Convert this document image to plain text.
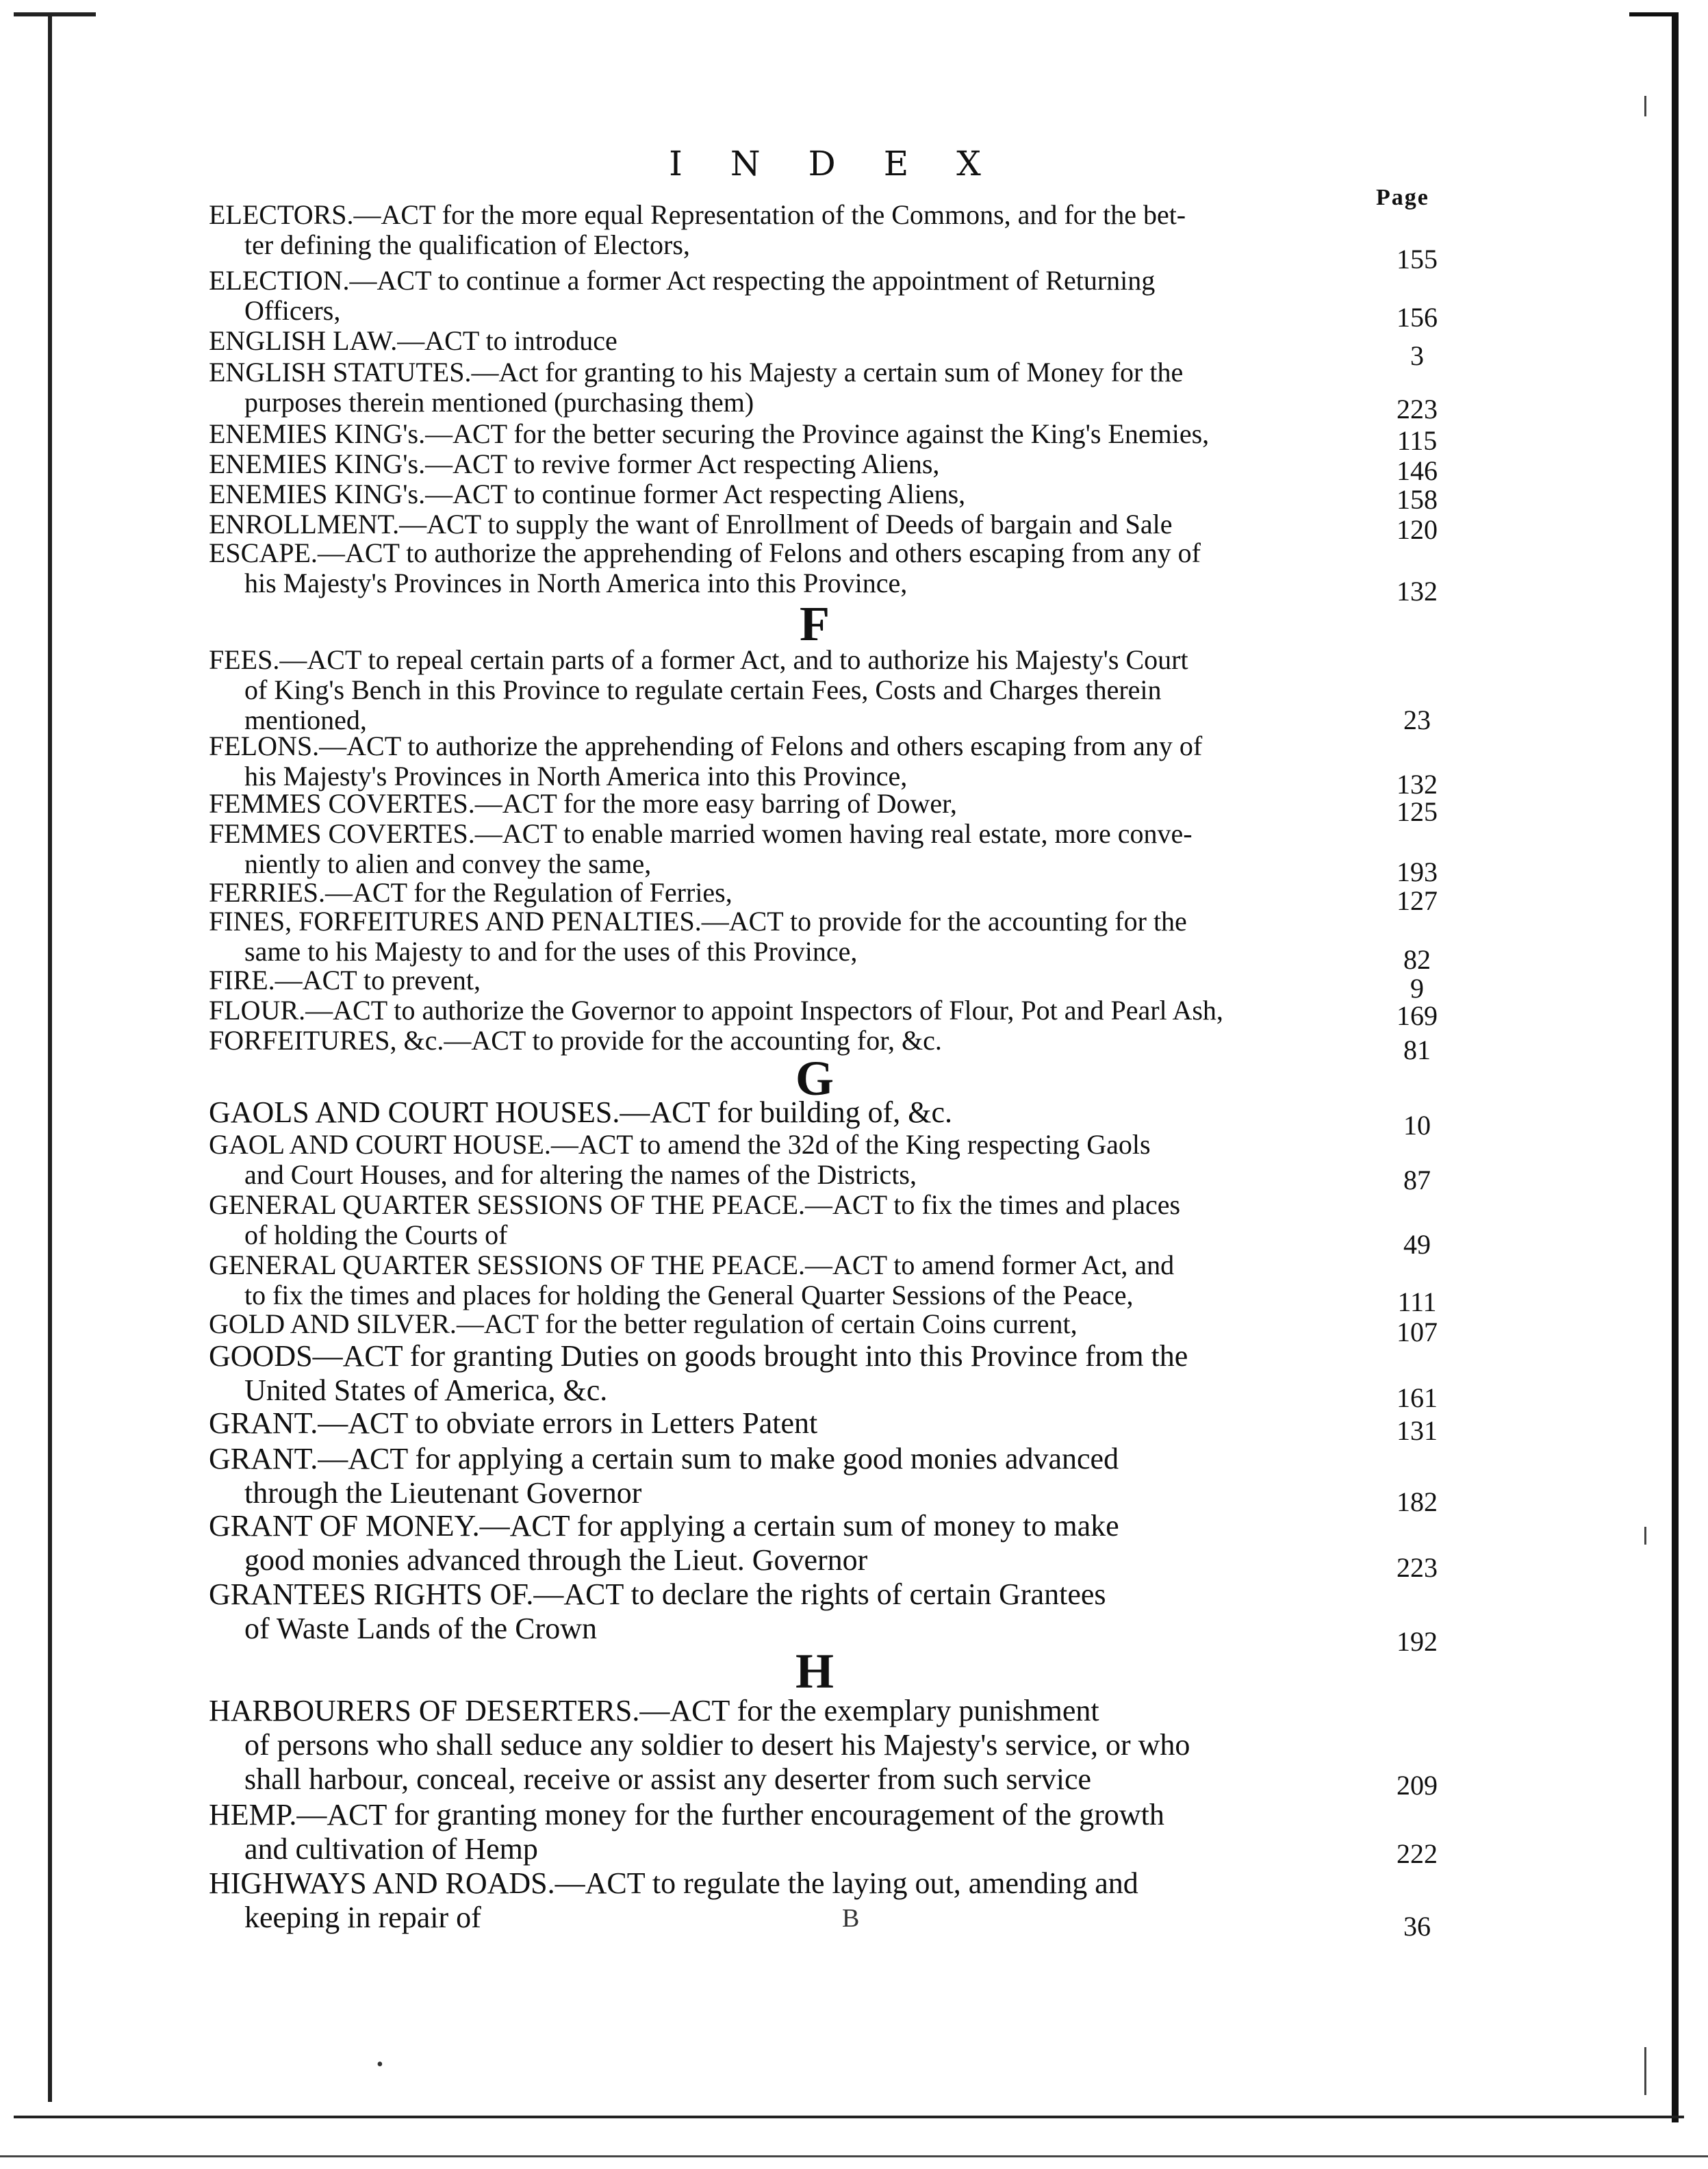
INDEX
Page
ELECTORS.—ACT for the more equal Representation of the Commons, and for the bet-
ter defining the qualification of Electors,	155
ELECTION.—ACT to continue a former Act respecting the appointment of Returning
Officers,	156
ENGLISH LAW.—ACT to introduce	3
ENGLISH STATUTES.—Act for granting to his Majesty a certain sum of Money for the
purposes therein mentioned (purchasing them)	223
ENEMIES KING's.—ACT for the better securing the Province against the King's Enemies,	115
ENEMIES KING's.—ACT to revive former Act respecting Aliens,	146
ENEMIES KING's.—ACT to continue former Act respecting Aliens,	158
ENROLLMENT.—ACT to supply the want of Enrollment of Deeds of bargain and Sale	120
ESCAPE.—ACT to authorize the apprehending of Felons and others escaping from any of
his Majesty's Provinces in North America into this Province,	132
F
FEES.—ACT to repeal certain parts of a former Act, and to authorize his Majesty's Court
of King's Bench in this Province to regulate certain Fees, Costs and Charges therein
mentioned,	23
FELONS.—ACT to authorize the apprehending of Felons and others escaping from any of
his Majesty's Provinces in North America into this Province,	132
FEMMES COVERTES.—ACT for the more easy barring of Dower,	125
FEMMES COVERTES.—ACT to enable married women having real estate, more conve-
niently to alien and convey the same,	193
FERRIES.—ACT for the Regulation of Ferries,	127
FINES, FORFEITURES AND PENALTIES.—ACT to provide for the accounting for the
same to his Majesty to and for the uses of this Province,	82
FIRE.—ACT to prevent,	9
FLOUR.—ACT to authorize the Governor to appoint Inspectors of Flour, Pot and Pearl Ash,	169
FORFEITURES, &c.—ACT to provide for the accounting for, &c.	81
G
GAOLS AND COURT HOUSES.—ACT for building of, &c.	10
GAOL AND COURT HOUSE.—ACT to amend the 32d of the King respecting Gaols
and Court Houses, and for altering the names of the Districts,	87
GENERAL QUARTER SESSIONS OF THE PEACE.—ACT to fix the times and places
of holding the Courts of	49
GENERAL QUARTER SESSIONS OF THE PEACE.—ACT to amend former Act, and
to fix the times and places for holding the General Quarter Sessions of the Peace,	111
GOLD AND SILVER.—ACT for the better regulation of certain Coins current,	107
GOODS—ACT for granting Duties on goods brought into this Province from the
United States of America, &c.	161
GRANT.—ACT to obviate errors in Letters Patent	131
GRANT.—ACT for applying a certain sum to make good monies advanced
through the Lieutenant Governor	182
GRANT OF MONEY.—ACT for applying a certain sum of money to make
good monies advanced through the Lieut. Governor	223
GRANTEES RIGHTS OF.—ACT to declare the rights of certain Grantees
of Waste Lands of the Crown	192
H
HARBOURERS OF DESERTERS.—ACT for the exemplary punishment
of persons who shall seduce any soldier to desert his Majesty's service, or who
shall harbour, conceal, receive or assist any deserter from such service	209
HEMP.—ACT for granting money for the further encouragement of the growth
and cultivation of Hemp	222
HIGHWAYS AND ROADS.—ACT to regulate the laying out, amending and
keeping in repair of	36
B
•
